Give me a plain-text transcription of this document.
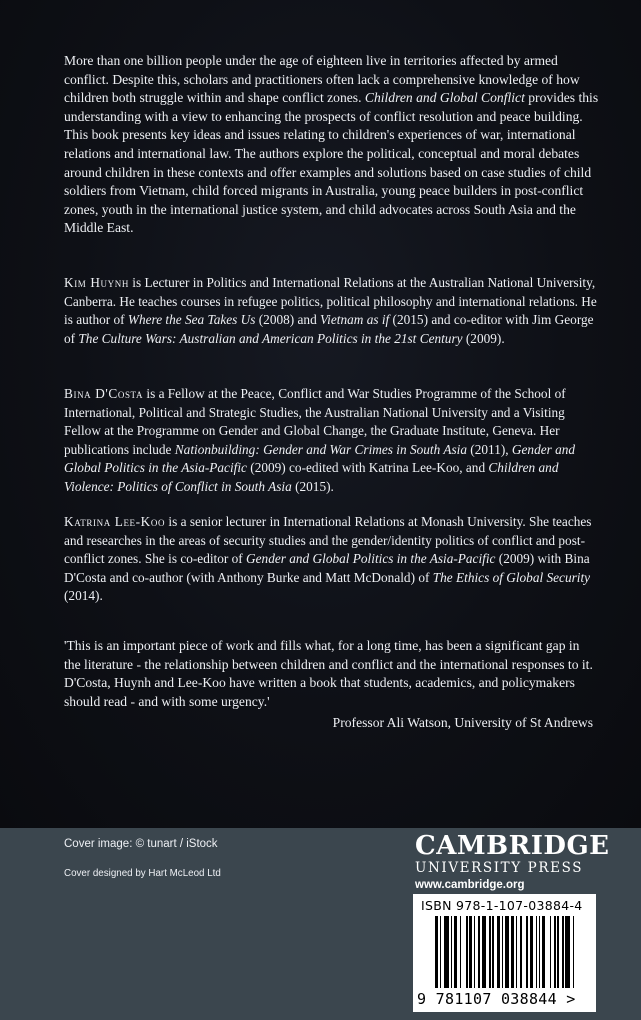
More than one billion people under the age of eighteen live in territories affected by armed conflict. Despite this, scholars and practitioners often lack a comprehensive knowledge of how children both struggle within and shape conflict zones. Children and Global Conflict provides this understanding with a view to enhancing the prospects of conflict resolution and peace building. This book presents key ideas and issues relating to children's experiences of war, international relations and international law. The authors explore the political, conceptual and moral debates around children in these contexts and offer examples and solutions based on case studies of child soldiers from Vietnam, child forced migrants in Australia, young peace builders in post-conflict zones, youth in the international justice system, and child advocates across South Asia and the Middle East.

Kim Huynh is Lecturer in Politics and International Relations at the Australian National University, Canberra. He teaches courses in refugee politics, political philosophy and international relations. He is author of Where the Sea Takes Us (2008) and Vietnam as if (2015) and co-editor with Jim George of The Culture Wars: Australian and American Politics in the 21st Century (2009).

Bina D'Costa is a Fellow at the Peace, Conflict and War Studies Programme of the School of International, Political and Strategic Studies, the Australian National University and a Visiting Fellow at the Programme on Gender and Global Change, the Graduate Institute, Geneva. Her publications include Nationbuilding: Gender and War Crimes in South Asia (2011), Gender and Global Politics in the Asia-Pacific (2009) co-edited with Katrina Lee-Koo, and Children and Violence: Politics of Conflict in South Asia (2015).

Katrina Lee-Koo is a senior lecturer in International Relations at Monash University. She teaches and researches in the areas of security studies and the gender/identity politics of conflict and post-conflict zones. She is co-editor of Gender and Global Politics in the Asia-Pacific (2009) with Bina D'Costa and co-author (with Anthony Burke and Matt McDonald) of The Ethics of Global Security (2014).

'This is an important piece of work and fills what, for a long time, has been a significant gap in the literature - the relationship between children and conflict and the international responses to it. D'Costa, Huynh and Lee-Koo have written a book that students, academics, and policymakers should read - and with some urgency.'
Professor Ali Watson, University of St Andrews
Cover image: © tunart / iStock
Cover designed by Hart McLeod Ltd
CAMBRIDGE
UNIVERSITY PRESS
www.cambridge.org
ISBN 978-1-107-03884-4
9 781107 038844 >
